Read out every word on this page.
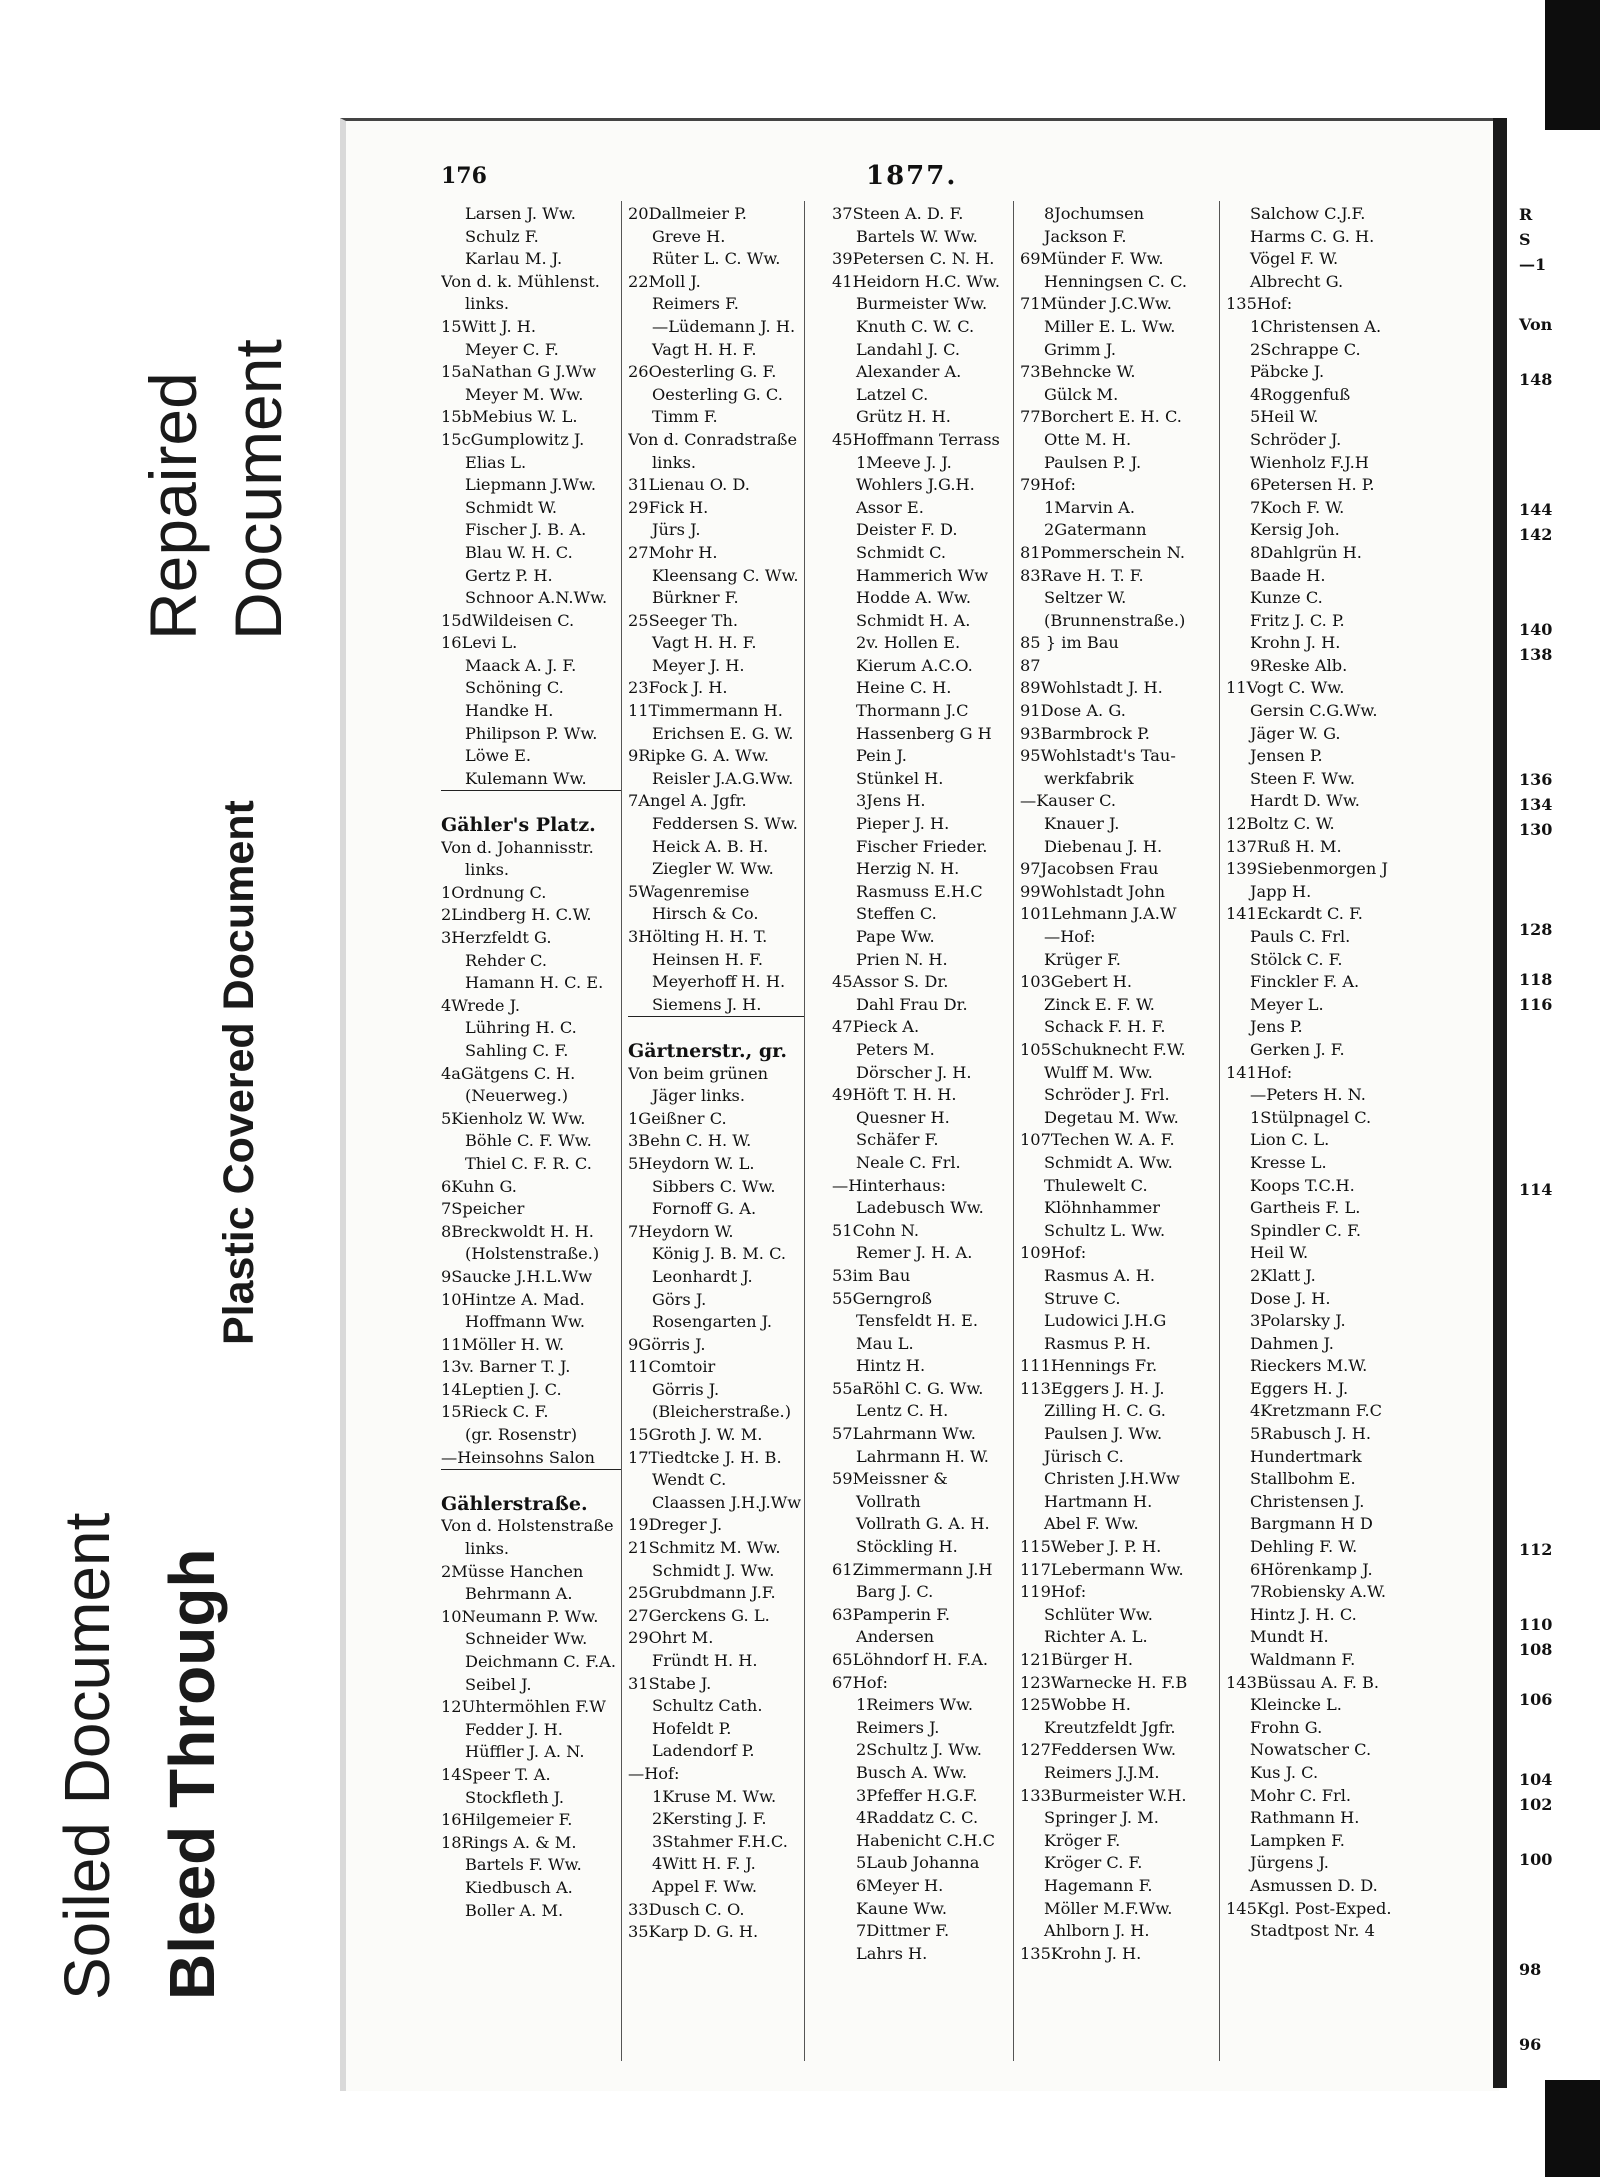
Repaired Document
Plastic Covered Document
Soiled Document Bleed Through
176	1877.
Larsen J. Ww.
Schulz F.
Karlau M. J.
Von d. k. Mühlenst.
links.
15Witt J. H.
Meyer C. F.
15aNathan G J.Ww
Meyer M. Ww.
15bMebius W. L.
15cGumplowitz J.
Elias L.
Liepmann J.Ww.
Schmidt W.
Fischer J. B. A.
Blau W. H. C.
Gertz P. H.
Schnoor A.N.Ww.
15dWildeisen C.
16Levi L.
Maack A. J. F.
Schöning C.
Handke H.
Philipson P. Ww.
Löwe E.
Kulemann Ww.
Gähler's Platz.
Von d. Johannisstr.
links.
1Ordnung C.
2Lindberg H. C.W.
3Herzfeldt G.
Rehder C.
Hamann H. C. E.
4Wrede J.
Lühring H. C.
Sahling C. F.
4aGätgens C. H.
(Neuerweg.)
5Kienholz W. Ww.
Böhle C. F. Ww.
Thiel C. F. R. C.
6Kuhn G.
7Speicher
8Breckwoldt H. H.
(Holstenstraße.)
9Saucke J.H.L.Ww
10Hintze A. Mad.
Hoffmann Ww.
11Möller H. W.
13v. Barner T. J.
14Leptien J. C.
15Rieck C. F.
(gr. Rosenstr)
—Heinsohns Salon
Gählerstraße.
Von d. Holstenstraße
links.
2Müsse Hanchen
Behrmann A.
10Neumann P. Ww.
Schneider Ww.
Deichmann C. F.A.
Seibel J.
12Uhtermöhlen F.W
Fedder J. H.
Hüffler J. A. N.
14Speer T. A.
Stockfleth J.
16Hilgemeier F.
18Rings A. & M.
Bartels F. Ww.
Kiedbusch A.
Boller A. M.
20Dallmeier P.
Greve H.
Rüter L. C. Ww.
22Moll J.
Reimers F.
—Lüdemann J. H.
Vagt H. H. F.
26Oesterling G. F.
Oesterling G. C.
Timm F.
Von d. Conradstraße
links.
31Lienau O. D.
29Fick H.
Jürs J.
27Mohr H.
Kleensang C. Ww.
Bürkner F.
25Seeger Th.
Vagt H. H. F.
Meyer J. H.
23Fock J. H.
11Timmermann H.
Erichsen E. G. W.
9Ripke G. A. Ww.
Reisler J.A.G.Ww.
7Angel A. Jgfr.
Feddersen S. Ww.
Heick A. B. H.
Ziegler W. Ww.
5Wagenremise
Hirsch & Co.
3Hölting H. H. T.
Heinsen H. F.
Meyerhoff H. H.
Siemens J. H.
Gärtnerstr., gr.
Von beim grünen
Jäger links.
1Geißner C.
3Behn C. H. W.
5Heydorn W. L.
Sibbers C. Ww.
Fornoff G. A.
7Heydorn W.
König J. B. M. C.
Leonhardt J.
Görs J.
Rosengarten J.
9Görris J.
11Comtoir
Görris J.
(Bleicherstraße.)
15Groth J. W. M.
17Tiedtcke J. H. B.
Wendt C.
Claassen J.H.J.Ww
19Dreger J.
21Schmitz M. Ww.
Schmidt J. Ww.
25Grubdmann J.F.
27Gerckens G. L.
29Ohrt M.
Fründt H. H.
31Stabe J.
Schultz Cath.
Hofeldt P.
Ladendorf P.
—Hof:
1Kruse M. Ww.
2Kersting J. F.
3Stahmer F.H.C.
4Witt H. F. J.
Appel F. Ww.
33Dusch C. O.
35Karp D. G. H.
37Steen A. D. F.
Bartels W. Ww.
39Petersen C. N. H.
41Heidorn H.C. Ww.
Burmeister Ww.
Knuth C. W. C.
Landahl J. C.
Alexander A.
Latzel C.
Grütz H. H.
45Hoffmann Terrass
1Meeve J. J.
Wohlers J.G.H.
Assor E.
Deister F. D.
Schmidt C.
Hammerich Ww
Hodde A. Ww.
Schmidt H. A.
2v. Hollen E.
Kierum A.C.O.
Heine C. H.
Thormann J.C
Hassenberg G H
Pein J.
Stünkel H.
3Jens H.
Pieper J. H.
Fischer Frieder.
Herzig N. H.
Rasmuss E.H.C
Steffen C.
Pape Ww.
Prien N. H.
45Assor S. Dr.
Dahl Frau Dr.
47Pieck A.
Peters M.
Dörscher J. H.
49Höft T. H. H.
Quesner H.
Schäfer F.
Neale C. Frl.
—Hinterhaus:
Ladebusch Ww.
51Cohn N.
Remer J. H. A.
53im Bau
55Gerngroß
Tensfeldt H. E.
Mau L.
Hintz H.
55aRöhl C. G. Ww.
Lentz C. H.
57Lahrmann Ww.
Lahrmann H. W.
59Meissner &
Vollrath
Vollrath G. A. H.
Stöckling H.
61Zimmermann J.H
Barg J. C.
63Pamperin F.
Andersen
65Löhndorf H. F.A.
67Hof:
1Reimers Ww.
Reimers J.
2Schultz J. Ww.
Busch A. Ww.
3Pfeffer H.G.F.
4Raddatz C. C.
Habenicht C.H.C
5Laub Johanna
6Meyer H.
Kaune Ww.
7Dittmer F.
Lahrs H.
8Jochumsen
Jackson F.
69Münder F. Ww.
Henningsen C. C.
71Münder J.C.Ww.
Miller E. L. Ww.
Grimm J.
73Behncke W.
Gülck M.
77Borchert E. H. C.
Otte M. H.
Paulsen P. J.
79Hof:
1Marvin A.
2Gatermann
81Pommerschein N.
83Rave H. T. F.
Seltzer W.
(Brunnenstraße.)
85 } im Bau
87
89Wohlstadt J. H.
91Dose A. G.
93Barmbrock P.
95Wohlstadt's Tau-
werkfabrik
—Kauser C.
Knauer J.
Diebenau J. H.
97Jacobsen Frau
99Wohlstadt John
101Lehmann J.A.W
—Hof:
Krüger F.
103Gebert H.
Zinck E. F. W.
Schack F. H. F.
105Schuknecht F.W.
Wulff M. Ww.
Schröder J. Frl.
Degetau M. Ww.
107Techen W. A. F.
Schmidt A. Ww.
Thulewelt C.
Klöhnhammer
Schultz L. Ww.
109Hof:
Rasmus A. H.
Struve C.
Ludowici J.H.G
Rasmus P. H.
111Hennings Fr.
113Eggers J. H. J.
Zilling H. C. G.
Paulsen J. Ww.
Jürisch C.
Christen J.H.Ww
Hartmann H.
Abel F. Ww.
115Weber J. P. H.
117Lebermann Ww.
119Hof:
Schlüter Ww.
Richter A. L.
121Bürger H.
123Warnecke H. F.B
125Wobbe H.
Kreutzfeldt Jgfr.
127Feddersen Ww.
Reimers J.J.M.
133Burmeister W.H.
Springer J. M.
Kröger F.
Kröger C. F.
Hagemann F.
Möller M.F.Ww.
Ahlborn J. H.
135Krohn J. H.
Salchow C.J.F.
Harms C. G. H.
Vögel F. W.
Albrecht G.
135Hof:
1Christensen A.
2Schrappe C.
Päbcke J.
4Roggenfuß
5Heil W.
Schröder J.
Wienholz F.J.H
6Petersen H. P.
7Koch F. W.
Kersig Joh.
8Dahlgrün H.
Baade H.
Kunze C.
Fritz J. C. P.
Krohn J. H.
9Reske Alb.
11Vogt C. Ww.
Gersin C.G.Ww.
Jäger W. G.
Jensen P.
Steen F. Ww.
Hardt D. Ww.
12Boltz C. W.
137Ruß H. M.
139Siebenmorgen J
Japp H.
141Eckardt C. F.
Pauls C. Frl.
Stölck C. F.
Finckler F. A.
Meyer L.
Jens P.
Gerken J. F.
141Hof:
—Peters H. N.
1Stülpnagel C.
Lion C. L.
Kresse L.
Koops T.C.H.
Gartheis F. L.
Spindler C. F.
Heil W.
2Klatt J.
Dose J. H.
3Polarsky J.
Dahmen J.
Rieckers M.W.
Eggers H. J.
4Kretzmann F.C
5Rabusch J. H.
Hundertmark
Stallbohm E.
Christensen J.
Bargmann H D
Dehling F. W.
6Hörenkamp J.
7Robiensky A.W.
Hintz J. H. C.
Mundt H.
Waldmann F.
143Büssau A. F. B.
Kleincke L.
Frohn G.
Nowatscher C.
Kus J. C.
Mohr C. Frl.
Rathmann H.
Lampken F.
Jürgens J.
Asmussen D. D.
145Kgl. Post-Exped.
Stadtpost Nr. 4
R
S
—1
Von
148
144
142
140
138
136
134
130
128
118
116
114
112
110
108
106
104
102
100
98
96
